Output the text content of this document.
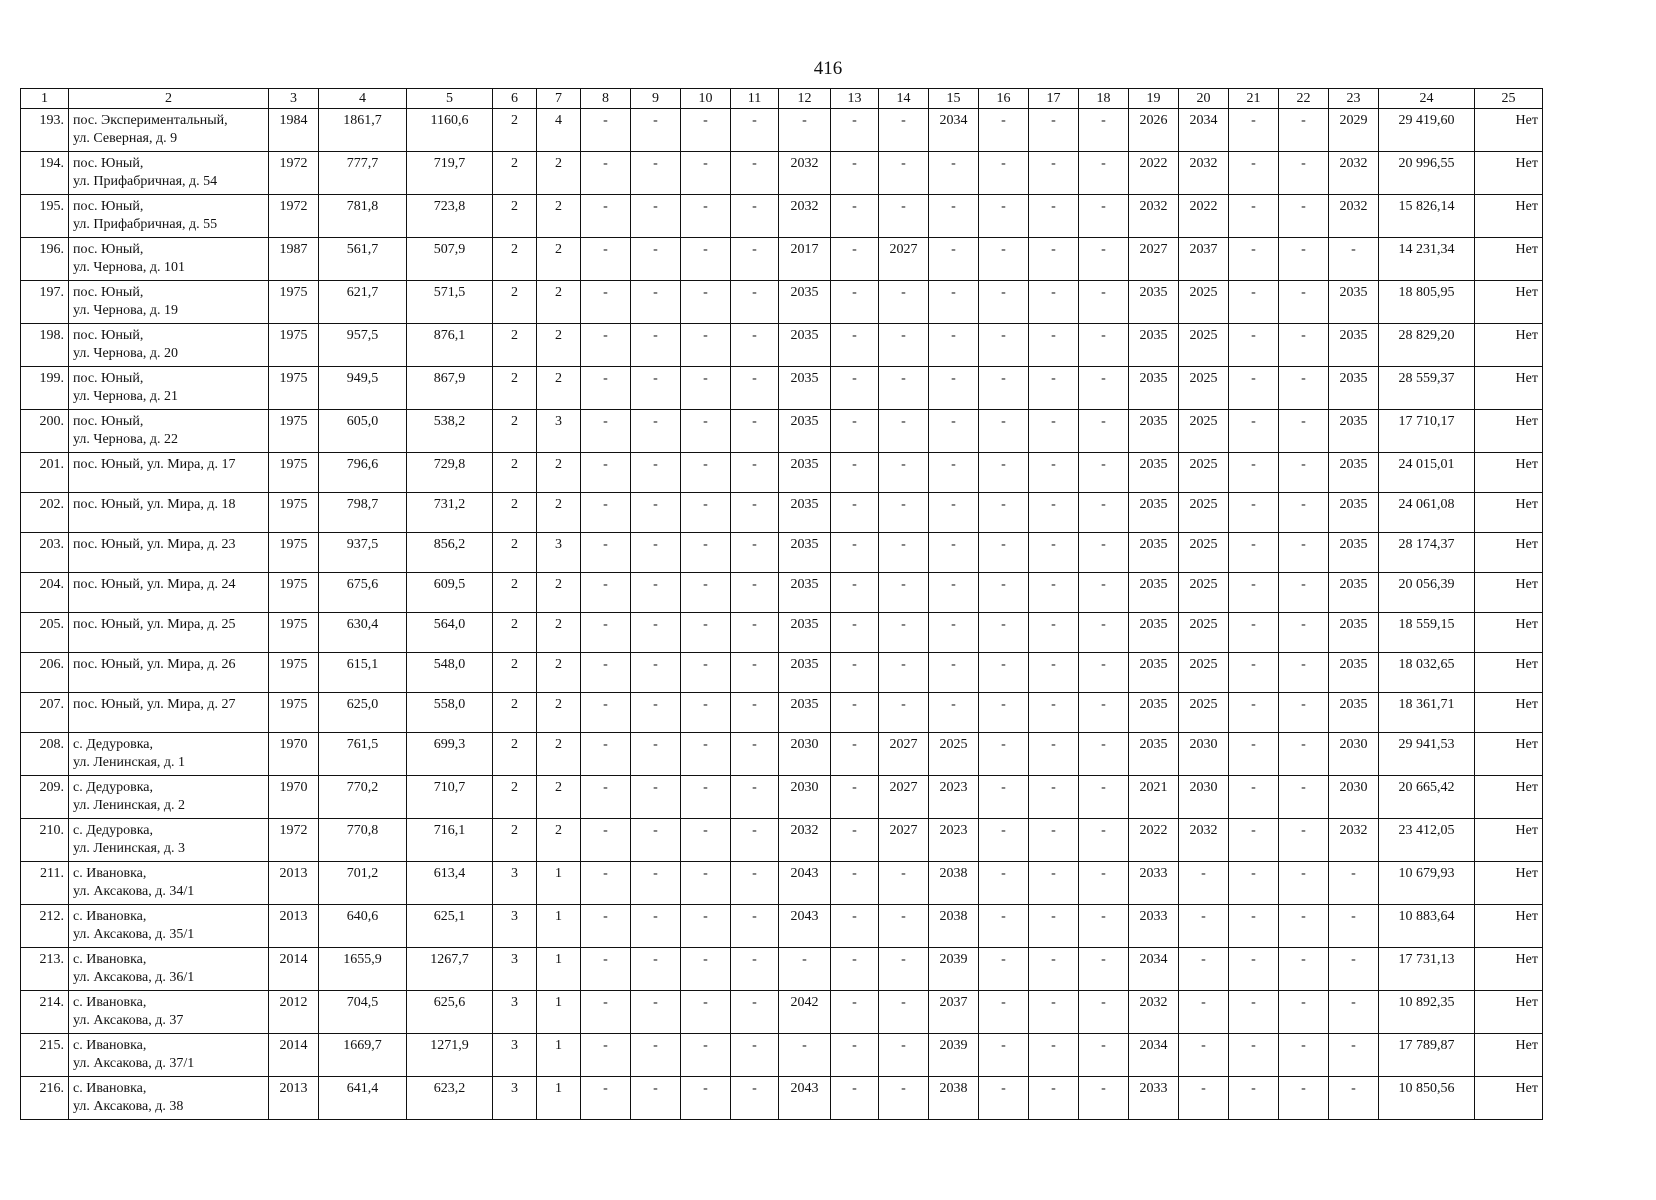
416
1	2	3	4	5	6	7	8	9	10	11	12	13	14	15	16	17	18	19	20	21	22	23	24	25
193.	пос. Экспериментальный,
ул. Северная, д. 9	1984	1861,7	1160,6	2	4	-	-	-	-	-	-	-	2034	-	-	-	2026	2034	-	-	2029	29 419,60	Нет
194.	пос. Юный,
ул. Прифабричная, д. 54	1972	777,7	719,7	2	2	-	-	-	-	2032	-	-	-	-	-	-	2022	2032	-	-	2032	20 996,55	Нет
195.	пос. Юный,
ул. Прифабричная, д. 55	1972	781,8	723,8	2	2	-	-	-	-	2032	-	-	-	-	-	-	2032	2022	-	-	2032	15 826,14	Нет
196.	пос. Юный,
ул. Чернова, д. 101	1987	561,7	507,9	2	2	-	-	-	-	2017	-	2027	-	-	-	-	2027	2037	-	-	-	14 231,34	Нет
197.	пос. Юный,
ул. Чернова, д. 19	1975	621,7	571,5	2	2	-	-	-	-	2035	-	-	-	-	-	-	2035	2025	-	-	2035	18 805,95	Нет
198.	пос. Юный,
ул. Чернова, д. 20	1975	957,5	876,1	2	2	-	-	-	-	2035	-	-	-	-	-	-	2035	2025	-	-	2035	28 829,20	Нет
199.	пос. Юный,
ул. Чернова, д. 21	1975	949,5	867,9	2	2	-	-	-	-	2035	-	-	-	-	-	-	2035	2025	-	-	2035	28 559,37	Нет
200.	пос. Юный,
ул. Чернова, д. 22	1975	605,0	538,2	2	3	-	-	-	-	2035	-	-	-	-	-	-	2035	2025	-	-	2035	17 710,17	Нет
201.	пос. Юный, ул. Мира, д. 17	1975	796,6	729,8	2	2	-	-	-	-	2035	-	-	-	-	-	-	2035	2025	-	-	2035	24 015,01	Нет
202.	пос. Юный, ул. Мира, д. 18	1975	798,7	731,2	2	2	-	-	-	-	2035	-	-	-	-	-	-	2035	2025	-	-	2035	24 061,08	Нет
203.	пос. Юный, ул. Мира, д. 23	1975	937,5	856,2	2	3	-	-	-	-	2035	-	-	-	-	-	-	2035	2025	-	-	2035	28 174,37	Нет
204.	пос. Юный, ул. Мира, д. 24	1975	675,6	609,5	2	2	-	-	-	-	2035	-	-	-	-	-	-	2035	2025	-	-	2035	20 056,39	Нет
205.	пос. Юный, ул. Мира, д. 25	1975	630,4	564,0	2	2	-	-	-	-	2035	-	-	-	-	-	-	2035	2025	-	-	2035	18 559,15	Нет
206.	пос. Юный, ул. Мира, д. 26	1975	615,1	548,0	2	2	-	-	-	-	2035	-	-	-	-	-	-	2035	2025	-	-	2035	18 032,65	Нет
207.	пос. Юный, ул. Мира, д. 27	1975	625,0	558,0	2	2	-	-	-	-	2035	-	-	-	-	-	-	2035	2025	-	-	2035	18 361,71	Нет
208.	с. Дедуровка,
ул. Ленинская, д. 1	1970	761,5	699,3	2	2	-	-	-	-	2030	-	2027	2025	-	-	-	2035	2030	-	-	2030	29 941,53	Нет
209.	с. Дедуровка,
ул. Ленинская, д. 2	1970	770,2	710,7	2	2	-	-	-	-	2030	-	2027	2023	-	-	-	2021	2030	-	-	2030	20 665,42	Нет
210.	с. Дедуровка,
ул. Ленинская, д. 3	1972	770,8	716,1	2	2	-	-	-	-	2032	-	2027	2023	-	-	-	2022	2032	-	-	2032	23 412,05	Нет
211.	с. Ивановка,
ул. Аксакова, д. 34/1	2013	701,2	613,4	3	1	-	-	-	-	2043	-	-	2038	-	-	-	2033	-	-	-	-	10 679,93	Нет
212.	с. Ивановка,
ул. Аксакова, д. 35/1	2013	640,6	625,1	3	1	-	-	-	-	2043	-	-	2038	-	-	-	2033	-	-	-	-	10 883,64	Нет
213.	с. Ивановка,
ул. Аксакова, д. 36/1	2014	1655,9	1267,7	3	1	-	-	-	-	-	-	-	2039	-	-	-	2034	-	-	-	-	17 731,13	Нет
214.	с. Ивановка,
ул. Аксакова, д. 37	2012	704,5	625,6	3	1	-	-	-	-	2042	-	-	2037	-	-	-	2032	-	-	-	-	10 892,35	Нет
215.	с. Ивановка,
ул. Аксакова, д. 37/1	2014	1669,7	1271,9	3	1	-	-	-	-	-	-	-	2039	-	-	-	2034	-	-	-	-	17 789,87	Нет
216.	с. Ивановка,
ул. Аксакова, д. 38	2013	641,4	623,2	3	1	-	-	-	-	2043	-	-	2038	-	-	-	2033	-	-	-	-	10 850,56	Нет
